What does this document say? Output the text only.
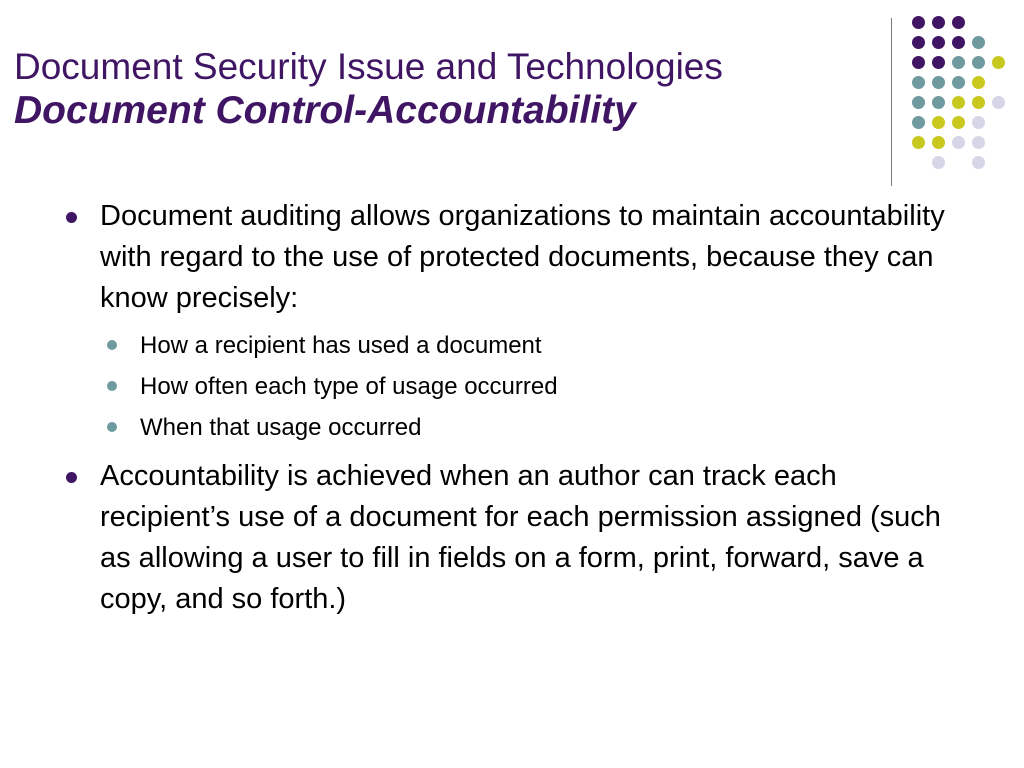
Document Security Issue and Technologies
Document Control-Accountability
Document auditing allows organizations to maintain accountability with regard to the use of protected documents, because they can know precisely:
How a recipient has used a document
How often each type of usage occurred
When that usage occurred
Accountability is achieved when an author can track each recipient’s use of a document for each permission assigned (such as allowing a user to fill in fields on a form, print, forward, save a copy, and so forth.)
